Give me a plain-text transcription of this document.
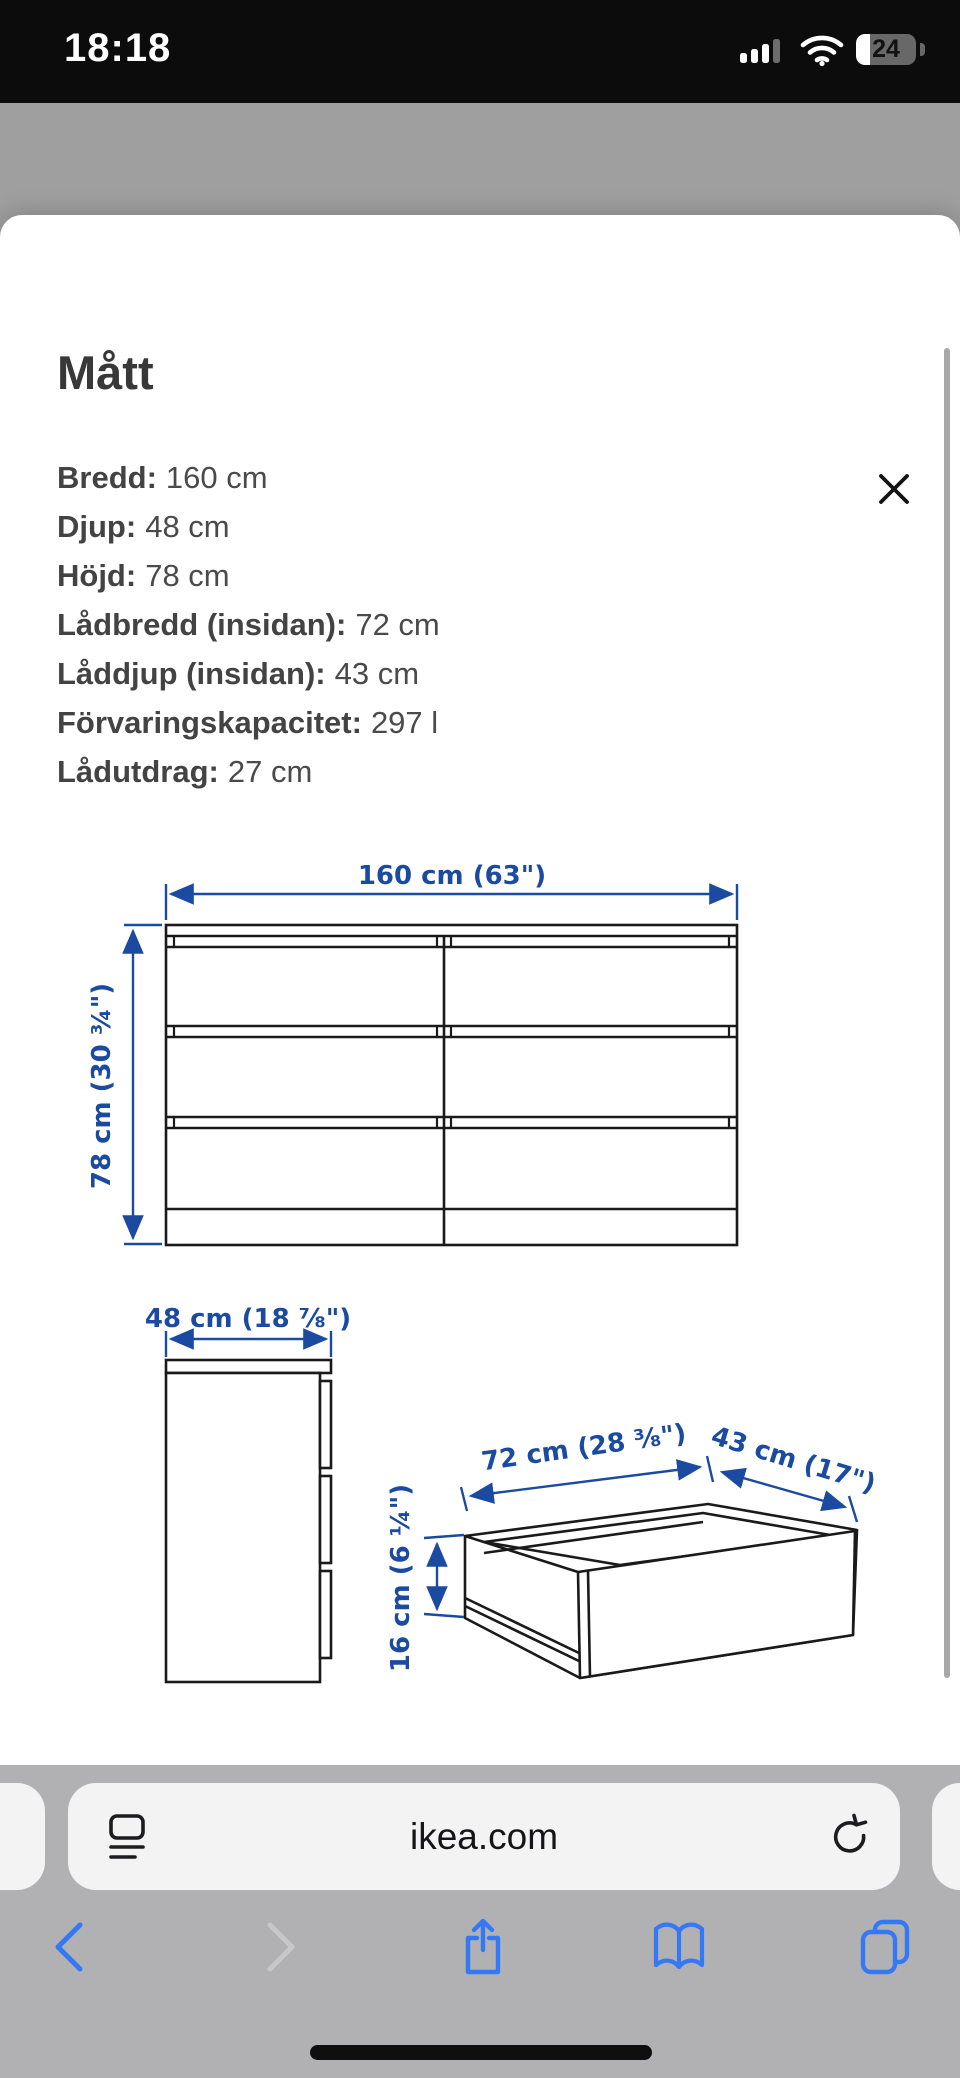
18:18	24
Mått
Bredd: 160 cm
Djup: 48 cm
Höjd: 78 cm
Lådbredd (insidan): 72 cm
Låddjup (insidan): 43 cm
Förvaringskapacitet: 297 l
Lådutdrag: 27 cm
160 cm (63")
78 cm (30 ¾")
48 cm (18 ⅞")
72 cm (28 ⅜") 43 cm (17")
16 cm (6 ¼")
ikea.com
